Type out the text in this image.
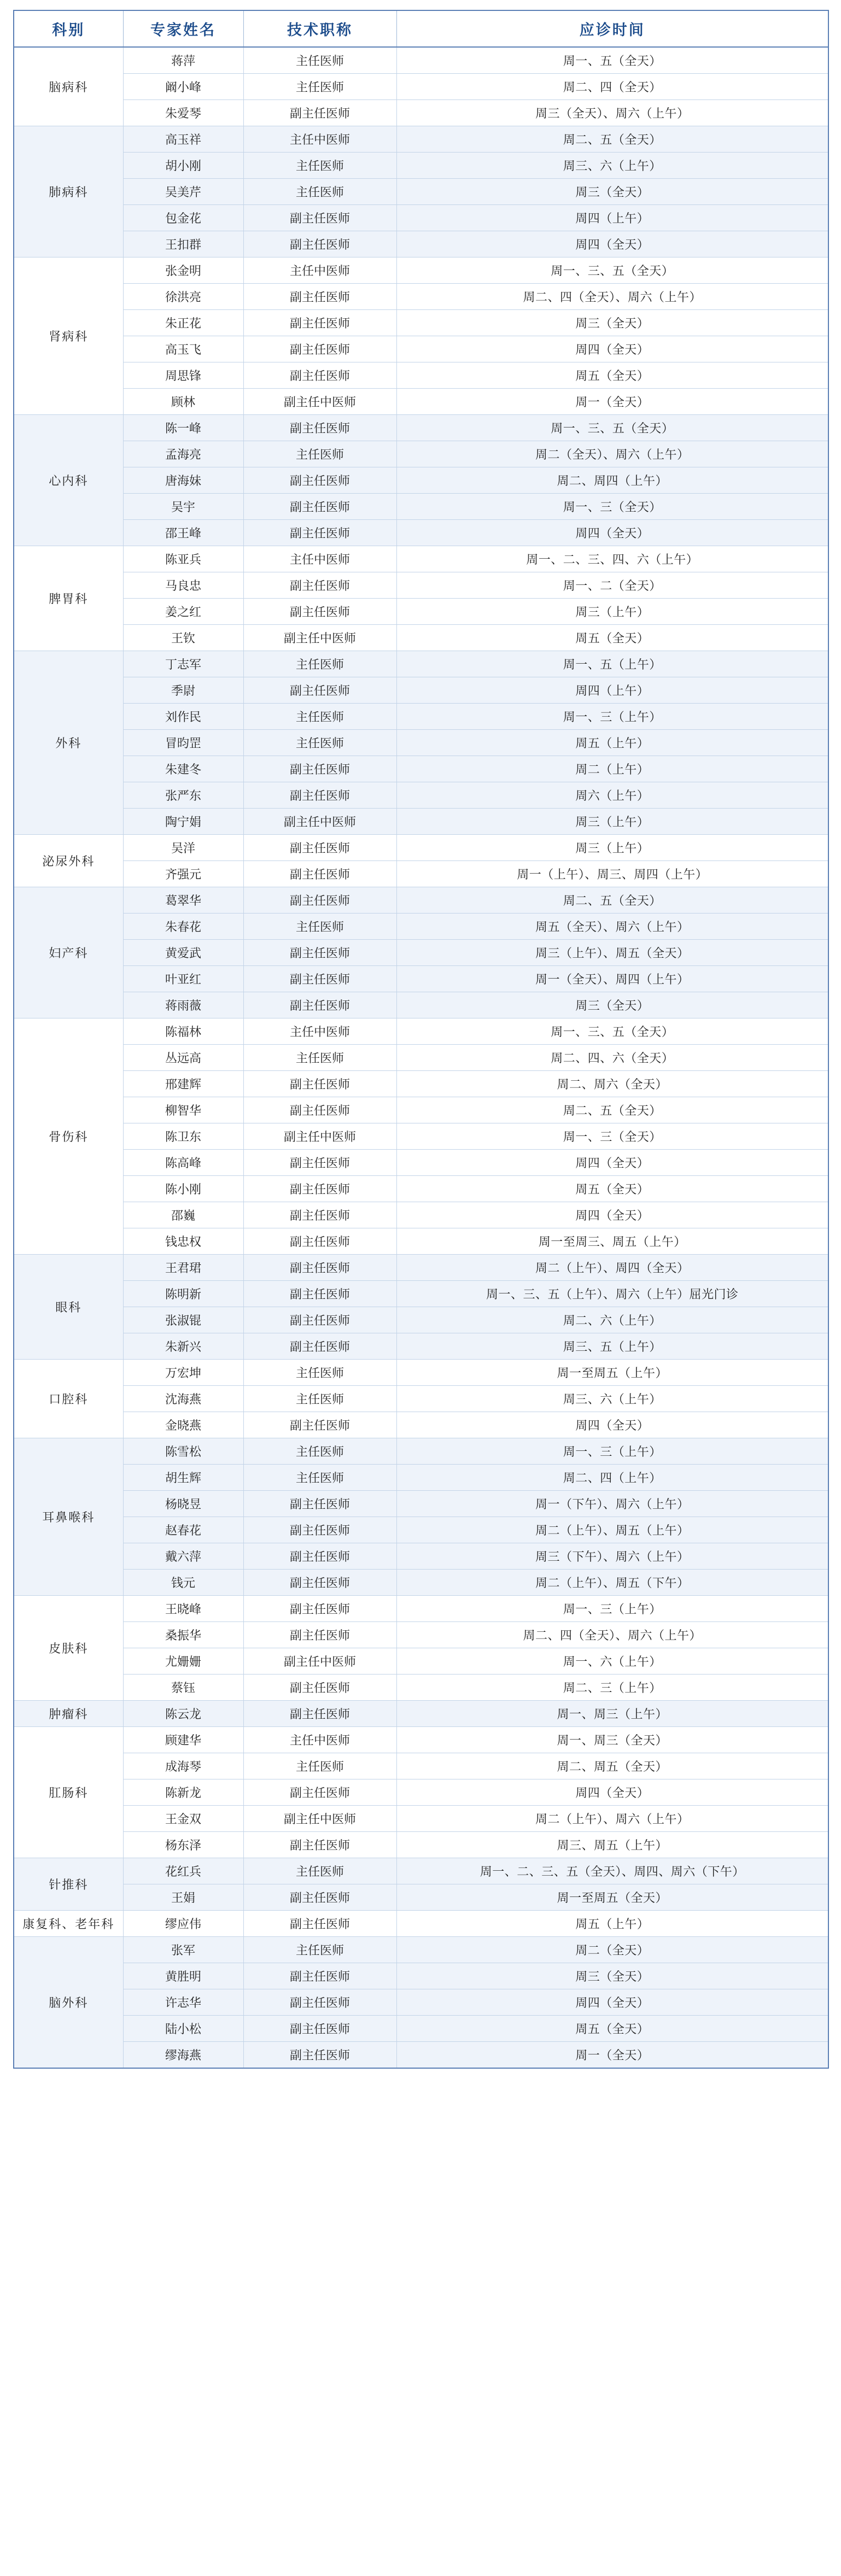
科别	专家姓名	技术职称	应诊时间
脑病科	蒋萍	主任医师	周一、五（全天）
	阚小峰	主任医师	周二、四（全天）
	朱爱琴	副主任医师	周三（全天）、周六（上午）
肺病科	高玉祥	主任中医师	周二、五（全天）
	胡小刚	主任医师	周三、六（上午）
	吴美芹	主任医师	周三（全天）
	包金花	副主任医师	周四（上午）
	王扣群	副主任医师	周四（全天）
肾病科	张金明	主任中医师	周一、三、五（全天）
	徐洪亮	副主任医师	周二、四（全天）、周六（上午）
	朱正花	副主任医师	周三（全天）
	高玉飞	副主任医师	周四（全天）
	周思锋	副主任医师	周五（全天）
	顾林	副主任中医师	周一（全天）
心内科	陈一峰	副主任医师	周一、三、五（全天）
	孟海亮	主任医师	周二（全天）、周六（上午）
	唐海妹	副主任医师	周二、周四（上午）
	吴宇	副主任医师	周一、三（全天）
	邵王峰	副主任医师	周四（全天）
脾胃科	陈亚兵	主任中医师	周一、二、三、四、六（上午）
	马良忠	副主任医师	周一、二（全天）
	姜之红	副主任医师	周三（上午）
	王钦	副主任中医师	周五（全天）
外科	丁志军	主任医师	周一、五（上午）
	季尉	副主任医师	周四（上午）
	刘作民	主任医师	周一、三（上午）
	冒昀罡	主任医师	周五（上午）
	朱建冬	副主任医师	周二（上午）
	张严东	副主任医师	周六（上午）
	陶宁娟	副主任中医师	周三（上午）
泌尿外科	吴洋	副主任医师	周三（上午）
	齐强元	副主任医师	周一（上午）、周三、周四（上午）
妇产科	葛翠华	副主任医师	周二、五（全天）
	朱春花	主任医师	周五（全天）、周六（上午）
	黄爱武	副主任医师	周三（上午）、周五（全天）
	叶亚红	副主任医师	周一（全天）、周四（上午）
	蒋雨薇	副主任医师	周三（全天）
骨伤科	陈福林	主任中医师	周一、三、五（全天）
	丛远高	主任医师	周二、四、六（全天）
	邢建辉	副主任医师	周二、周六（全天）
	柳智华	副主任医师	周二、五（全天）
	陈卫东	副主任中医师	周一、三（全天）
	陈高峰	副主任医师	周四（全天）
	陈小刚	副主任医师	周五（全天）
	邵巍	副主任医师	周四（全天）
	钱忠权	副主任医师	周一至周三、周五（上午）
眼科	王君珺	副主任医师	周二（上午）、周四（全天）
	陈明新	副主任医师	周一、三、五（上午）、周六（上午）屈光门诊
	张淑锟	副主任医师	周二、六（上午）
	朱新兴	副主任医师	周三、五（上午）
口腔科	万宏坤	主任医师	周一至周五（上午）
	沈海燕	主任医师	周三、六（上午）
	金晓燕	副主任医师	周四（全天）
耳鼻喉科	陈雪松	主任医师	周一、三（上午）
	胡生辉	主任医师	周二、四（上午）
	杨晓昱	副主任医师	周一（下午）、周六（上午）
	赵春花	副主任医师	周二（上午）、周五（上午）
	戴六萍	副主任医师	周三（下午）、周六（上午）
	钱元	副主任医师	周二（上午）、周五（下午）
皮肤科	王晓峰	副主任医师	周一、三（上午）
	桑振华	副主任医师	周二、四（全天）、周六（上午）
	尤姗姗	副主任中医师	周一、六（上午）
	蔡钰	副主任医师	周二、三（上午）
肿瘤科	陈云龙	副主任医师	周一、周三（上午）
肛肠科	顾建华	主任中医师	周一、周三（全天）
	成海琴	主任医师	周二、周五（全天）
	陈新龙	副主任医师	周四（全天）
	王金双	副主任中医师	周二（上午）、周六（上午）
	杨东泽	副主任医师	周三、周五（上午）
针推科	花红兵	主任医师	周一、二、三、五（全天）、周四、周六（下午）
	王娟	副主任医师	周一至周五（全天）
康复科、老年科	缪应伟	副主任医师	周五（上午）
脑外科	张军	主任医师	周二（全天）
	黄胜明	副主任医师	周三（全天）
	许志华	副主任医师	周四（全天）
	陆小松	副主任医师	周五（全天）
	缪海燕	副主任医师	周一（全天）
